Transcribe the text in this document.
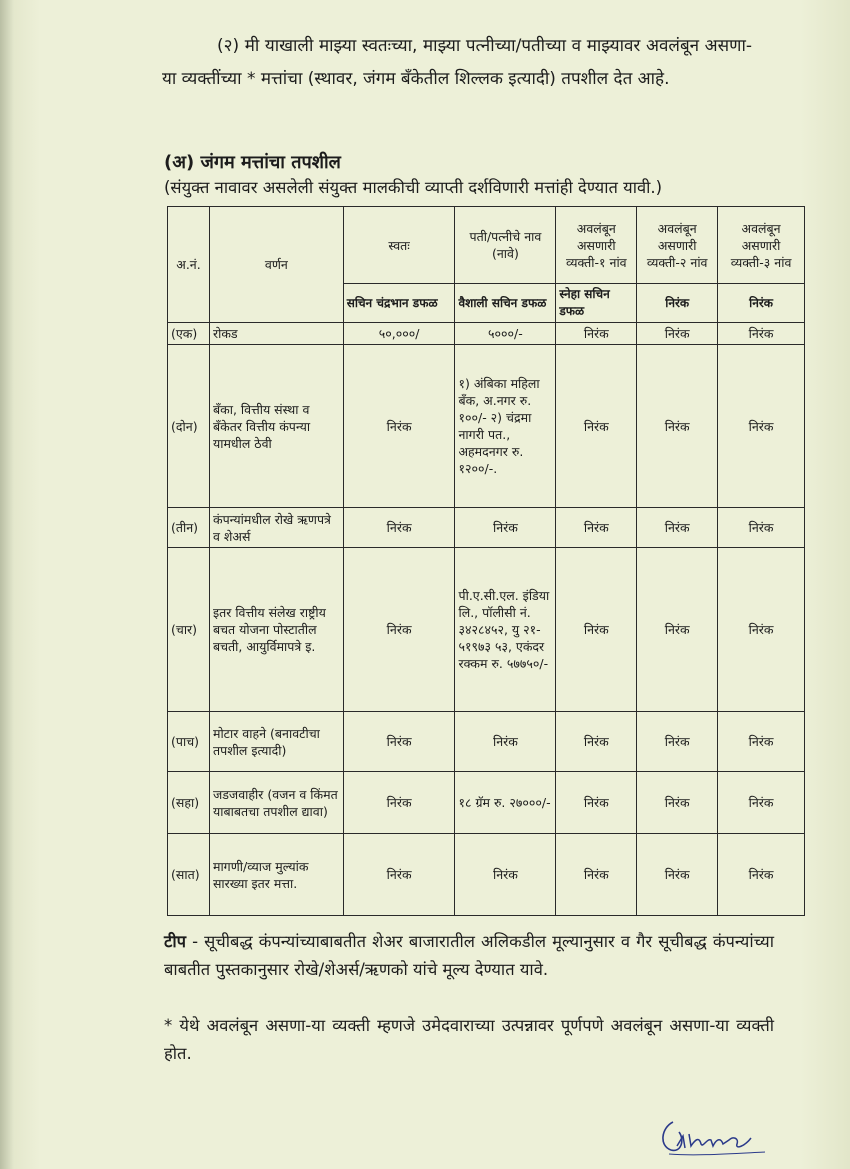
(२) मी याखाली माझ्या स्वतःच्या, माझ्या पत्नीच्या/पतीच्या व माझ्यावर अवलंबून असणा-या व्यक्तींच्या * मत्तांचा (स्थावर, जंगम बँकेतील शिल्लक इत्यादी) तपशील देत आहे.
(अ) जंगम मत्तांचा तपशील
(संयुक्त नावावर असलेली संयुक्त मालकीची व्याप्ती दर्शविणारी मत्तांही देण्यात यावी.)
अ.नं.	वर्णन	स्वतः	पती/पत्नीचे नाव (नावे)	अवलंबून असणारी व्यक्ती-१ नांव	अवलंबून असणारी व्यक्ती-२ नांव	अवलंबून असणारी व्यक्ती-३ नांव
		सचिन चंद्रभान डफळ	वैशाली सचिन डफळ	स्नेहा सचिन डफळ	निरंक	निरंक
(एक)	रोकड	५०,०००/	५०००/-	निरंक	निरंक	निरंक
(दोन)	बँका, वित्तीय संस्था व बँकेतर वित्तीय कंपन्या यामधील ठेवी	निरंक	१) अंबिका महिला बँक, अ.नगर रु. १००/- २) चंद्रमा नागरी पत., अहमदनगर रु. १२००/-.	निरंक	निरंक	निरंक
(तीन)	कंपन्यांमधील रोखे ऋणपत्रे व शेअर्स	निरंक	निरंक	निरंक	निरंक	निरंक
(चार)	इतर वित्तीय संलेख राष्ट्रीय बचत योजना पोस्टातील बचती, आयुर्विमापत्रे इ.	निरंक	पी.ए.सी.एल. इंडिया लि., पॉलीसी नं. ३४२८४५२, यु २१- ५१९७३ ५३, एकंदर रक्कम रु. ५७७५०/-	निरंक	निरंक	निरंक
(पाच)	मोटार वाहने (बनावटीचा तपशील इत्यादी)	निरंक	निरंक	निरंक	निरंक	निरंक
(सहा)	जडजवाहीर (वजन व किंमत याबाबतचा तपशील द्यावा)	निरंक	१८ ग्रॅम रु. २७०००/-	निरंक	निरंक	निरंक
(सात)	मागणी/व्याज मुल्यांक सारख्या इतर मत्ता.	निरंक	निरंक	निरंक	निरंक	निरंक
टीप - सूचीबद्ध कंपन्यांच्याबाबतीत शेअर बाजारातील अलिकडील मूल्यानुसार व गैर सूचीबद्ध कंपन्यांच्या बाबतीत पुस्तकानुसार रोखे/शेअर्स/ऋणको यांचे मूल्य देण्यात यावे.
* येथे अवलंबून असणा-या व्यक्ती म्हणजे उमेदवाराच्या उत्पन्नावर पूर्णपणे अवलंबून असणा-या व्यक्ती होत.
